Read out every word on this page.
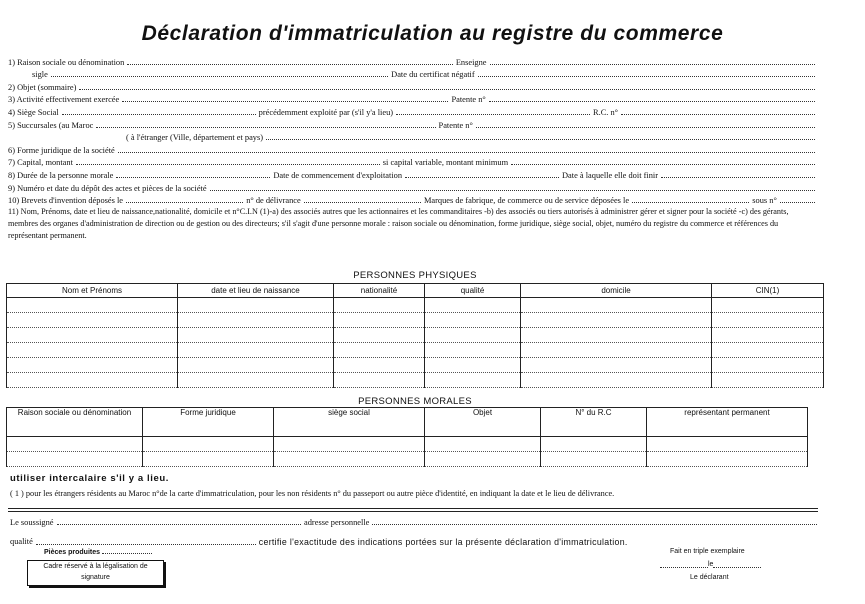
Déclaration d'immatriculation au registre du commerce
1) Raison sociale ou dénomination	Enseigne
sigle	Date du certificat négatif
2) Objet (sommaire)
3) Activité effectivement exercée	Patente n°
4) Siège Social	précédemment exploité par (s'il y'a lieu)	R.C. n°
5) Succursales (au Maroc	Patente n°
( à l'étranger (Ville, département et pays)
6) Forme juridique de la société
7) Capital, montant	si capital variable, montant minimum
8) Durée de la personne morale	Date de commencement d'exploitation	Date à laquelle elle doit finir
9) Numéro et date du dépôt des actes et pièces de la société
10) Brevets d'invention déposés le	n° de délivrance	Marques de fabrique, de commerce ou de service déposées le	sous n°
11) Nom, Prénoms, date et lieu de naissance,nationalité, domicile et n°C.I.N (1)-a) des associés autres que les actionnaires et les commanditaires -b) des associés ou tiers autorisés à administrer gérer et signer pour la société -c) des gérants, membres des organes d'administration de direction ou de gestion ou des directeurs; s'il s'agit d'une personne morale : raison sociale ou dénomination, forme juridique, siège social, objet, numéro du registre du commerce et références du représentant permanent.
PERSONNES PHYSIQUES
Nom et Prénoms	date et lieu de naissance	nationalité	qualité	domicile	CIN(1)

PERSONNES MORALES
Raison sociale ou dénomination	Forme juridique	siège social	Objet	N° du R.C	représentant permanent

utiliser intercalaire s'il y a lieu.
( 1 ) pour les étrangers résidents au Maroc n°de la carte d'immatriculation, pour les non résidents n° du passeport ou autre pièce d'identité, en indiquant la date et le lieu de délivrance.
Le soussigné	adresse personnelle
qualité	certifie l'exactitude des indications portées sur la présente déclaration d'immatriculation.
Pièces produites
Cadre réservé à la légalisation de signature
Fait en triple exemplaire
le
Le déclarant
